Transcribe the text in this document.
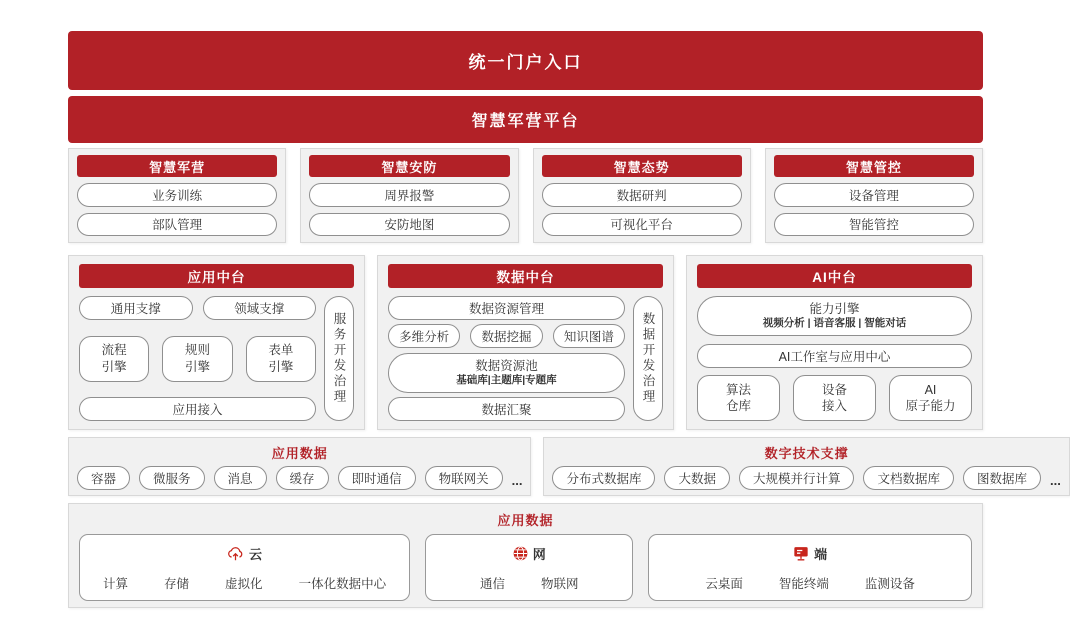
统一门户入口
智慧军营平台
智慧军营
业务训练
部队管理
智慧安防
周界报警
安防地图
智慧态势
数据研判
可视化平台
智慧管控
设备管理
智能管控
应用中台
通用支撑	领域支撑
流程
引擎
规则
引擎
表单
引擎
应用接入
服务开发治理
数据中台
数据资源管理
多维分析	数据挖掘	知识图谱
数据资源池
基础库|主题库|专题库
数据汇聚
数据开发治理
AI中台
能力引擎
视频分析 | 语音客服 | 智能对话
AI工作室与应用中心
算法
仓库
设备
接入
AI
原子能力
应用数据
容器	微服务	消息	缓存	即时通信	物联网关	...
数字技术支撑
分布式数据库	大数据	大规模并行计算	文档数据库	图数据库	...
应用数据
云
计算	存储	虚拟化	一体化数据中心
网
通信	物联网
端
云桌面	智能终端	监测设备
